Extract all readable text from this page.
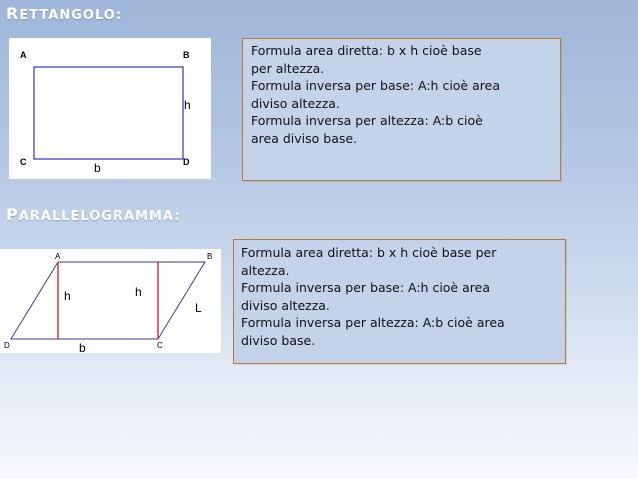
RETTANGOLO:
A	B
C	D
h
b
Formula area diretta: b x h cioè base
per altezza.
Formula inversa per base: A:h cioè area
diviso altezza.
Formula inversa per altezza: A:b cioè
area diviso base.
PARALLELOGRAMMA:
A	B
C
D
h	h
L
b
Formula area diretta: b x h cioè base per
altezza.
Formula inversa per base: A:h cioè area
diviso altezza.
Formula inversa per altezza: A:b cioè area
diviso base.
